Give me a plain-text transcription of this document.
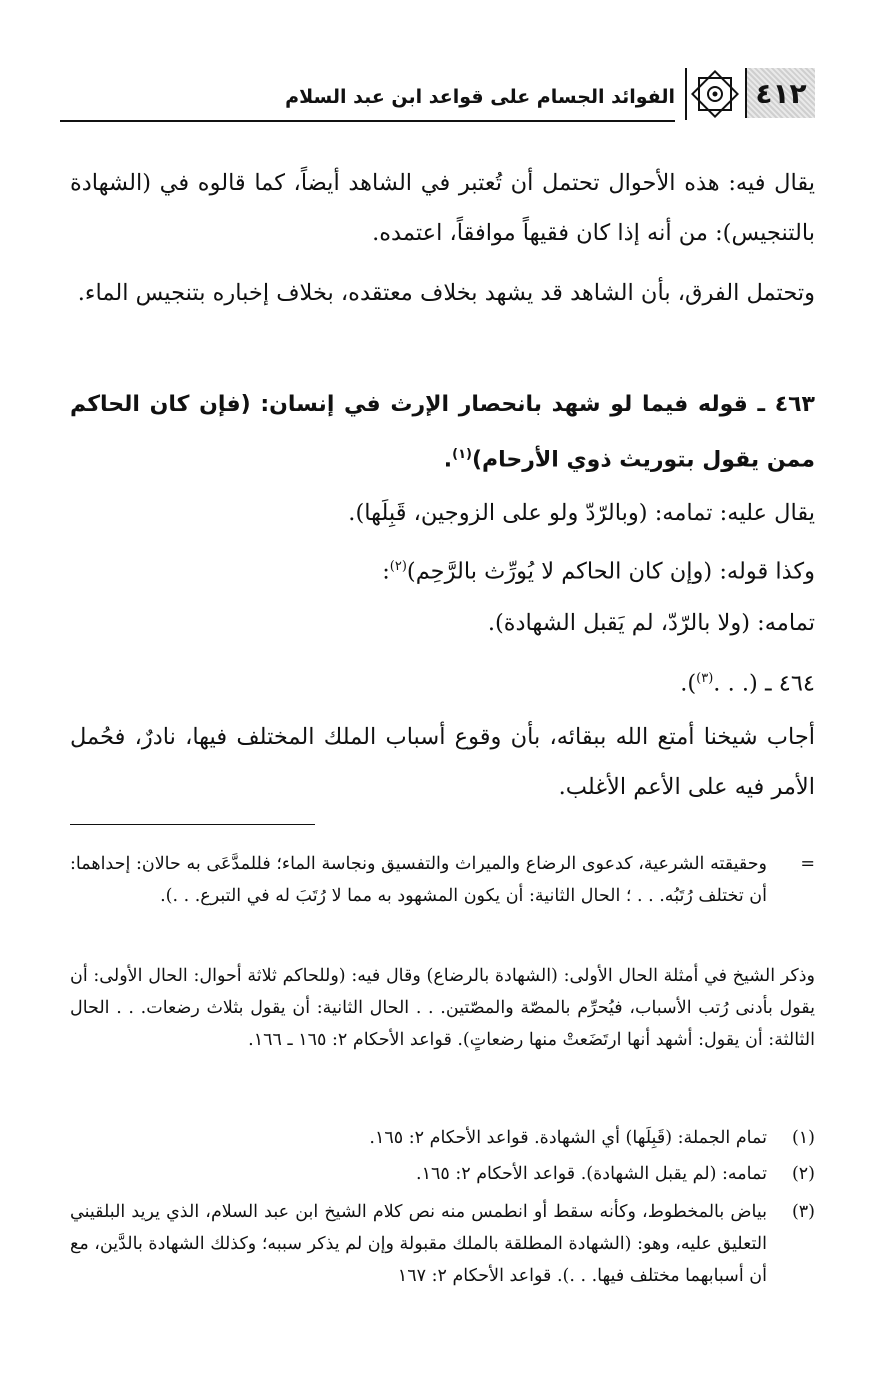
٤١٢
الفوائد الجسام على قواعد ابن عبد السلام

يقال فيه: هذه الأحوال تحتمل أن تُعتبر في الشاهد أيضاً، كما قالوه في (الشهادة بالتنجيس): من أنه إذا كان فقيهاً موافقاً، اعتمده.

وتحتمل الفرق، بأن الشاهد قد يشهد بخلاف معتقده، بخلاف إخباره بتنجيس الماء.

٤٦٣ ـ قوله فيما لو شهد بانحصار الإرث في إنسان: (فإن كان الحاكم ممن يقول بتوريث ذوي الأرحام)$^{(١)}$.

يقال عليه: تمامه: (وبالرّدّ ولو على الزوجين، قَبِلَها).

وكذا قوله: (وإن كان الحاكم لا يُورِّث بالرَّحِم)$^{(٢)}$:

تمامه: (ولا بالرّدّ، لم يَقبل الشهادة).

٤٦٤ ـ (. . .$^{(٣)}$).

أجاب شيخنا أمتع الله ببقائه، بأن وقوع أسباب الملك المختلف فيها، نادرٌ، فحُمل الأمر فيه على الأعم الأغلب.

=
وحقيقته الشرعية، كدعوى الرضاع والميراث والتفسيق ونجاسة الماء؛ فللمدَّعَى به حالان: إحداهما: أن تختلف رُتَبُه. . . ؛ الحال الثانية: أن يكون المشهود به مما لا رُتَبَ له في التبرع. . .).
وذكر الشيخ في أمثلة الحال الأولى: (الشهادة بالرضاع) وقال فيه: (وللحاكم ثلاثة أحوال: الحال الأولى: أن يقول بأدنى رُتب الأسباب، فيُحرِّم بالمصّة والمصّتين. . . الحال الثانية: أن يقول بثلاث رضعات. . . الحال الثالثة: أن يقول: أشهد أنها ارتَضَعتْ منها رضعاتٍ). قواعد الأحكام ٢: ١٦٥ ـ ١٦٦.
(١)
تمام الجملة: (قَبِلَها) أي الشهادة. قواعد الأحكام ٢: ١٦٥.
(٢)
تمامه: (لم يقبل الشهادة). قواعد الأحكام ٢: ١٦٥.
(٣)
بياض بالمخطوط، وكأنه سقط أو انطمس منه نص كلام الشيخ ابن عبد السلام، الذي يريد البلقيني التعليق عليه، وهو: (الشهادة المطلقة بالملك مقبولة وإن لم يذكر سببه؛ وكذلك الشهادة بالدَّين، مع أن أسبابهما مختلف فيها. . .). قواعد الأحكام ٢: ١٦٧
